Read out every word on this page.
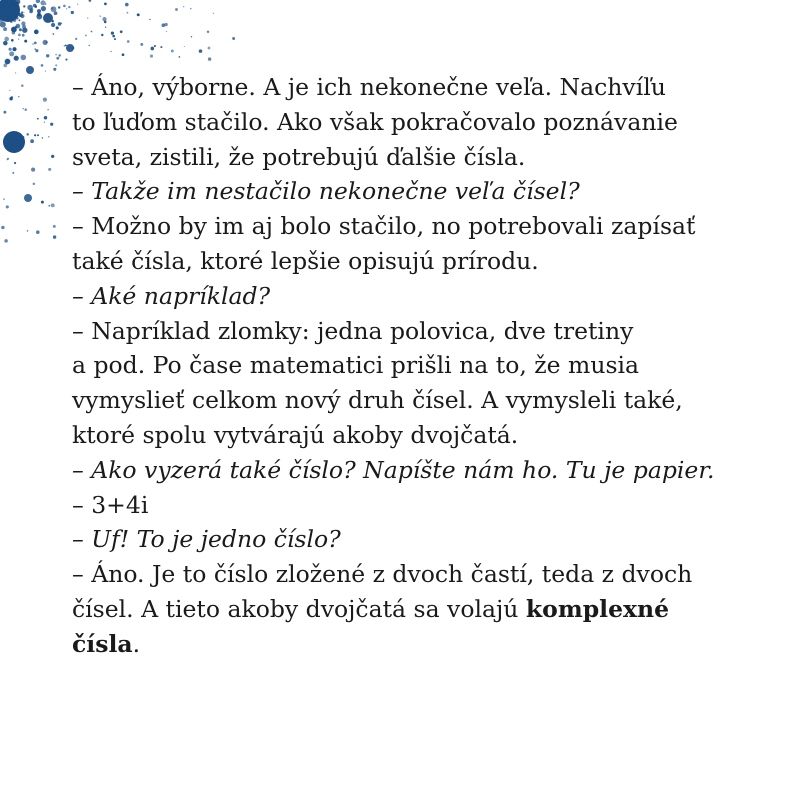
– Áno, výborne. A je ich nekonečne veľa. Nachvíľu
to ľuďom stačilo. Ako však pokračovalo poznávanie
sveta, zistili, že potrebujú ďalšie čísla.
– Takže im nestačilo nekonečne veľa čísel?
– Možno by im aj bolo stačilo, no potrebovali zapísať
také čísla, ktoré lepšie opisujú prírodu.
– Aké napríklad?
– Napríklad zlomky: jedna polovica, dve tretiny
a pod. Po čase matematici prišli na to, že musia
vymyslieť celkom nový druh čísel. A vymysleli také,
ktoré spolu vytvárajú akoby dvojčatá.
– Ako vyzerá také číslo? Napíšte nám ho. Tu je papier.
– 3+4i
– Uf! To je jedno číslo?
– Áno. Je to číslo zložené z dvoch častí, teda z dvoch
čísel. A tieto akoby dvojčatá sa volajú komplexné
čísla.
